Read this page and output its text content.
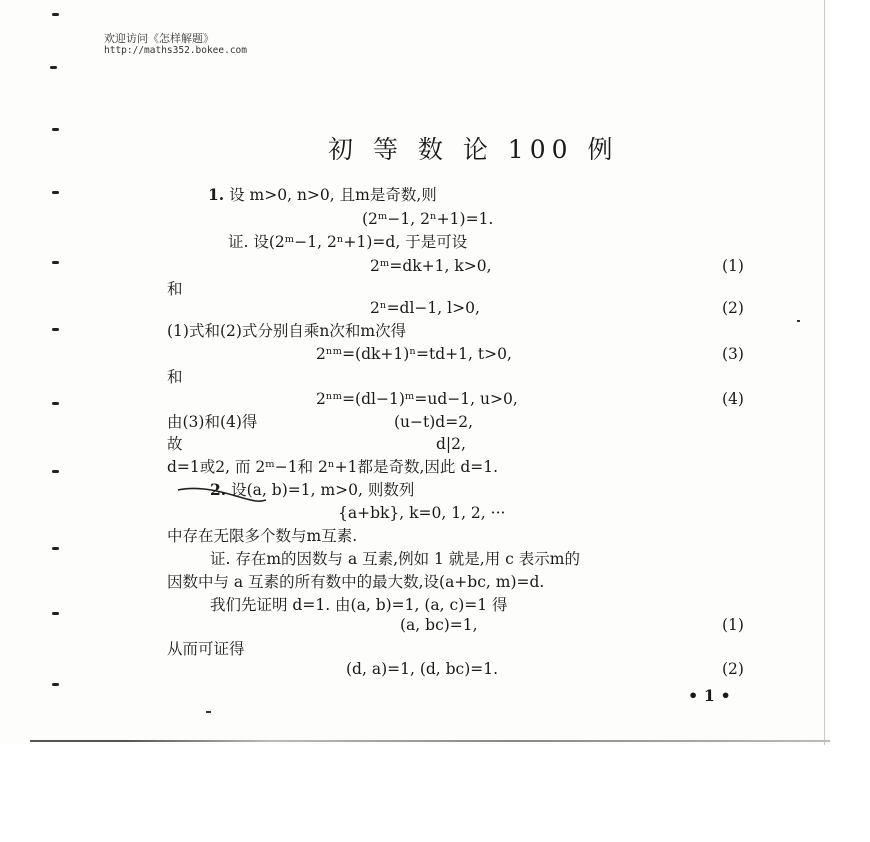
欢迎访问《怎样解题》
http://maths352.bokee.com
初 等 数 论 100 例
1. 设 m>0, n>0, 且m是奇数,则
(2ᵐ−1, 2ⁿ+1)=1.
证. 设(2ᵐ−1, 2ⁿ+1)=d, 于是可设
2ᵐ=dk+1, k>0,	(1)
和
2ⁿ=dl−1, l>0,	(2)
(1)式和(2)式分别自乘n次和m次得
2ⁿᵐ=(dk+1)ⁿ=td+1, t>0,	(3)
和
2ⁿᵐ=(dl−1)ᵐ=ud−1, u>0,	(4)
由(3)和(4)得	(u−t)d=2,
故	d|2,
d=1或2, 而 2ᵐ−1和 2ⁿ+1都是奇数,因此 d=1.
2. 设(a, b)=1, m>0, 则数列
{a+bk}, k=0, 1, 2, ···
中存在无限多个数与m互素.
证. 存在m的因数与 a 互素,例如 1 就是,用 c 表示m的
因数中与 a 互素的所有数中的最大数,设(a+bc, m)=d.
我们先证明 d=1. 由(a, b)=1, (a, c)=1 得
(a, bc)=1,	(1)
从而可证得
(d, a)=1, (d, bc)=1.	(2)
• 1 •
